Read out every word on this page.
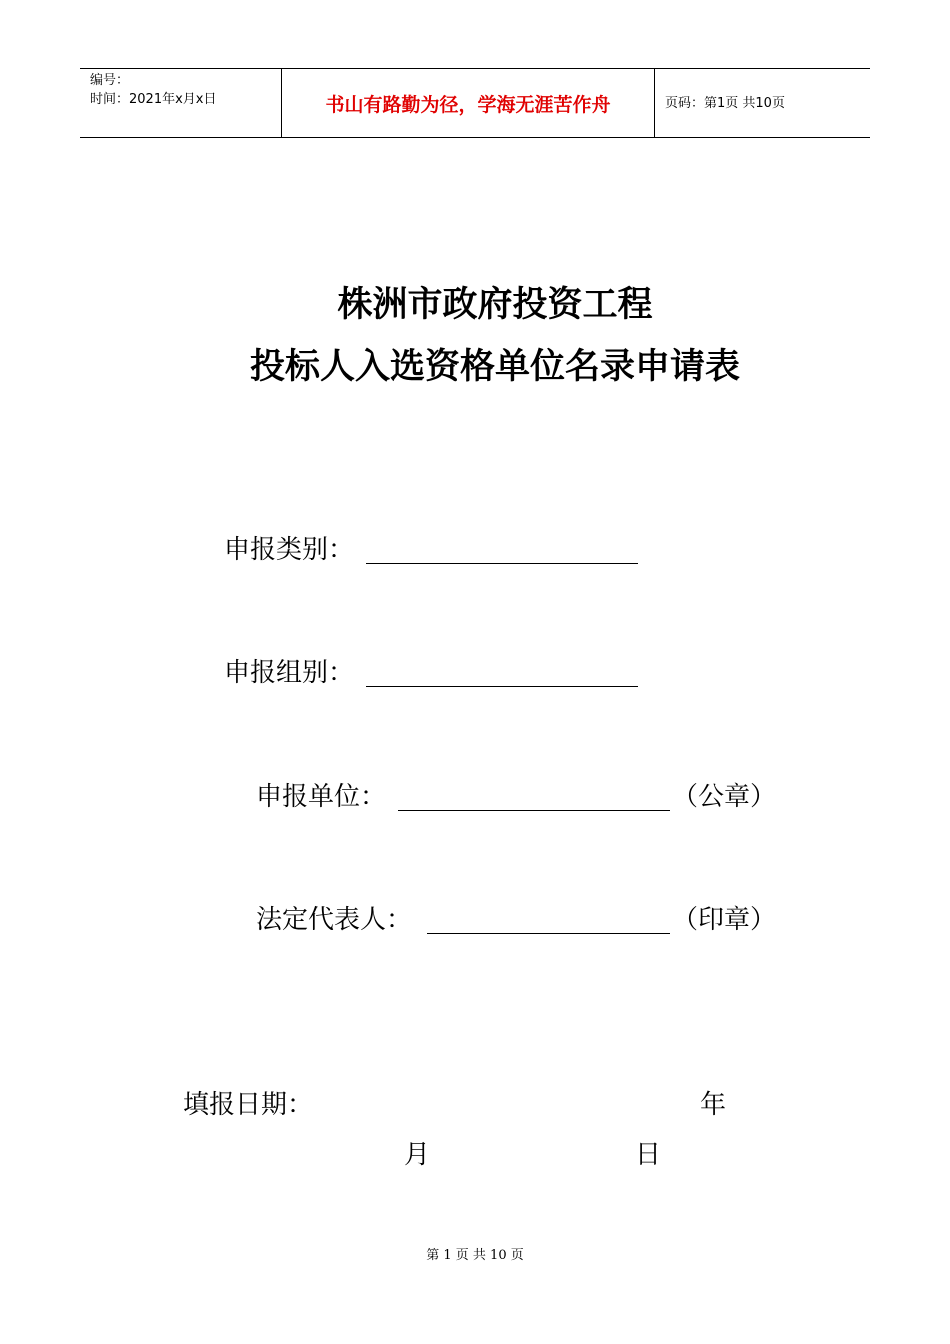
编号：
时间：2021年x月x日	书山有路勤为径，学海无涯苦作舟	页码：第1页 共10页
株洲市政府投资工程
投标人入选资格单位名录申请表
申报类别：
申报组别：
申报单位：	（公章）
法定代表人：	（印章）
填报日期：	年
月	日
第 1 页 共 10 页
